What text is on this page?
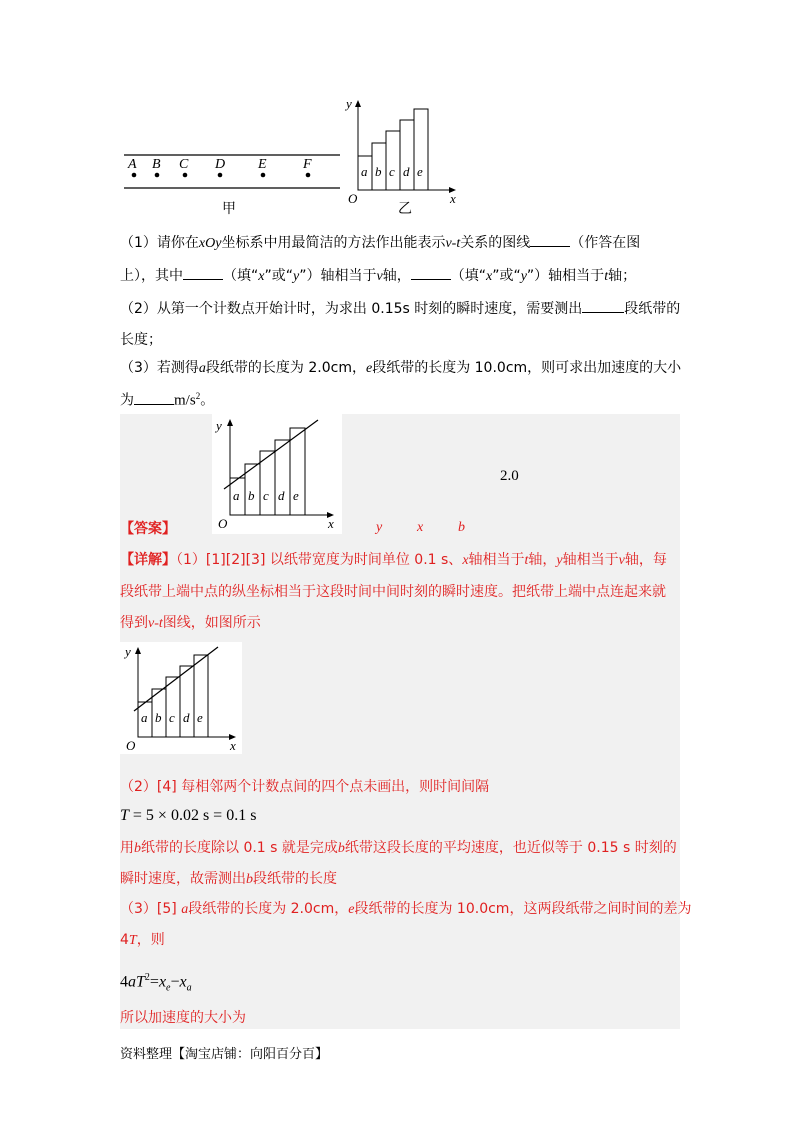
A B C D E	F
甲
y
x
O
a b c d e
乙
（1）请你在xOy坐标系中用最简洁的方法作出能表示v-t关系的图线	（作答在图
上），其中	（填“x”或“y”）轴相当于v轴，	（填“x”或“y”）轴相当于t轴；
（2）从第一个计数点开始计时，为求出 0.15s 时刻的瞬时速度，需要测出	段纸带的
长度；
（3）若测得a段纸带的长度为 2.0cm，e段纸带的长度为 10.0cm，则可求出加速度的大小
为	$m/s^2$。
y
x
O
a b c d e
2.0
【答案】	y x b
【详解】（1）[1][2][3] 以纸带宽度为时间单位 0.1 s、x轴相当于t轴，y轴相当于v轴，每
段纸带上端中点的纵坐标相当于这段时间中间时刻的瞬时速度。把纸带上端中点连起来就
得到v-t图线，如图所示
y
x
O
a b c d e
（2）[4] 每相邻两个计数点间的四个点未画出，则时间间隔
T = 5 × 0.02 s = 0.1 s
用b纸带的长度除以 0.1 s 就是完成b纸带这段长度的平均速度，也近似等于 0.15 s 时刻的
瞬时速度，故需测出b段纸带的长度
（3）[5] a段纸带的长度为 2.0cm，e段纸带的长度为 10.0cm，这两段纸带之间时间的差为
4T，则
$4aT^2=x_e-x_a$
所以加速度的大小为
资料整理【淘宝店铺：向阳百分百】
